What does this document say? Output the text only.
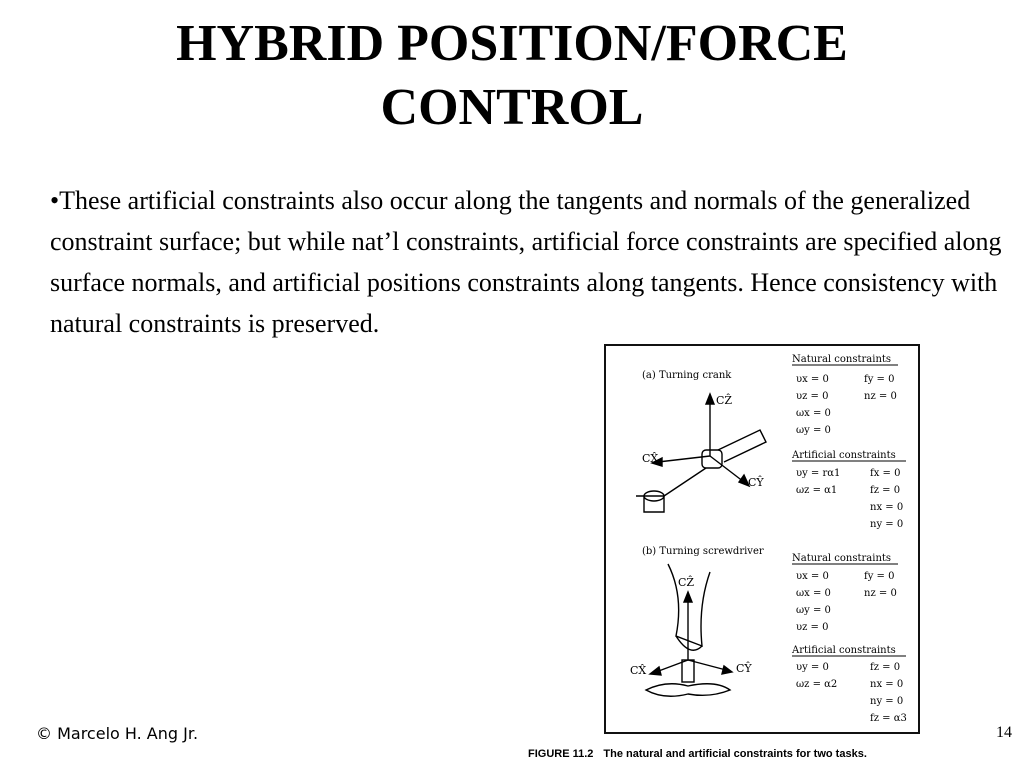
HYBRID POSITION/FORCE
CONTROL
•These artificial constraints also occur along the tangents and normals of the generalized constraint surface; but while nat’l constraints, artificial force constraints are specified along surface normals, and artificial positions constraints along tangents. Hence consistency with natural constraints is preserved.
(a) Turning crank
Natural constraints
υx = 0
υz = 0
ωx = 0
ωy = 0
fy = 0
nz = 0
Artificial constraints
υy = rα1
ωz = α1
fx = 0
fz = 0
nx = 0
ny = 0
CX̂
CẐ
CŶ
(b) Turning screwdriver
Natural constraints
υx = 0
ωx = 0
ωy = 0
υz = 0
fy = 0
nz = 0
Artificial constraints
υy = 0
ωz = α2
fz = 0
nx = 0
ny = 0
fz = α3
CẐ
CX̂	CŶ
FIGURE 11.2 The natural and artificial constraints for two tasks.
© Marcelo H. Ang Jr.	14
